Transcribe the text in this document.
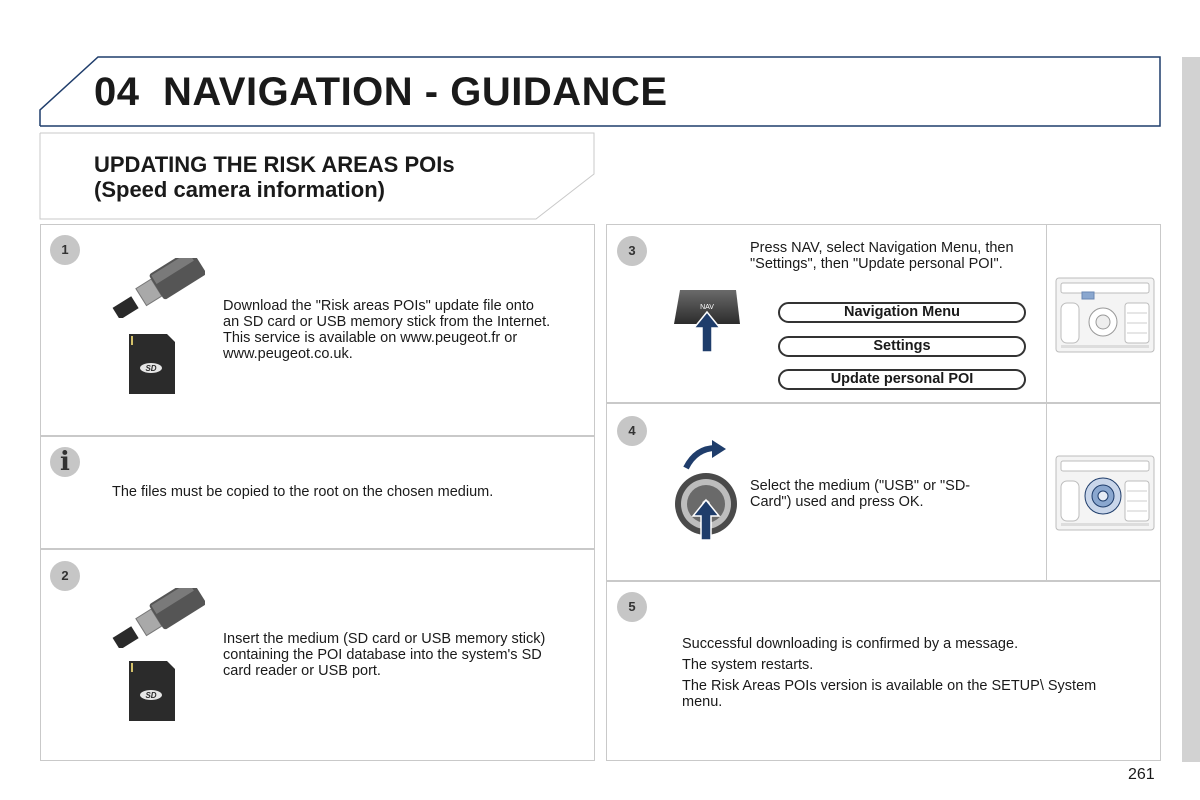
04 NAVIGATION - GUIDANCE
UPDATING THE RISK AREAS POIs
(Speed camera information)
1
SD
Download the "Risk areas POIs" update file onto an SD card or USB memory stick from the Internet. This service is available on www.peugeot.fr or www.peugeot.co.uk.
i
The files must be copied to the root on the chosen medium.
2
SD
Insert the medium (SD card or USB memory stick) containing the POI database into the system's SD card reader or USB port.
3
NAV
Press NAV, select Navigation Menu, then "Settings", then "Update personal POI".
Navigation Menu
Settings
Update personal POI
4
Select the medium ("USB" or "SD-Card") used and press OK.
5
Successful downloading is confirmed by a message.
The system restarts.
The Risk Areas POIs version is available on the SETUP\ System menu.
261
